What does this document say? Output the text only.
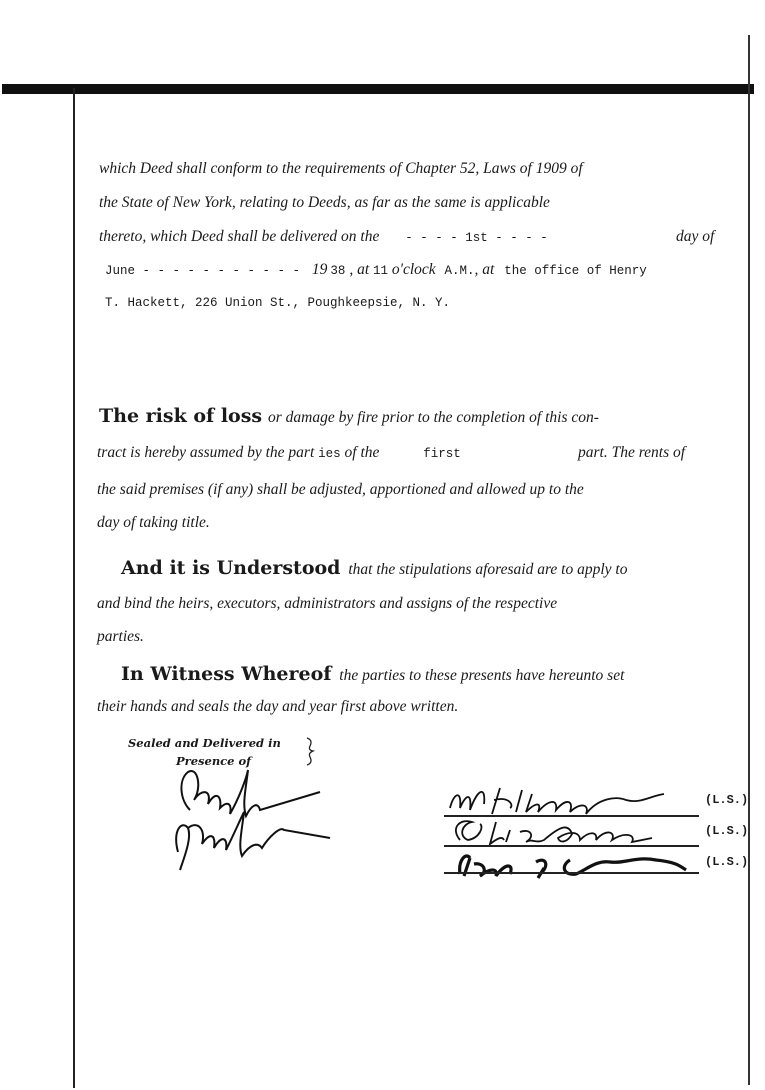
which Deed shall conform to the requirements of Chapter 52, Laws of 1909 of
the State of New York, relating to Deeds, as far as the same is applicable
thereto, which Deed shall be delivered on the - - - - 1st - - - -	day of
June - - - - - - - - - - - 19 38 , at 11 o'clock A.M., at the office of Henry
T. Hackett, 226 Union St., Poughkeepsie, N. Y.
The risk of loss or damage by fire prior to the completion of this con-
tract is hereby assumed by the part ies of the	first	part. The rents of
the said premises (if any) shall be adjusted, apportioned and allowed up to the
day of taking title.
And it is Understood that the stipulations aforesaid are to apply to
and bind the heirs, executors, administrators and assigns of the respective
parties.
In Witness Whereof the parties to these presents have hereunto set
their hands and seals the day and year first above written.
Sealed and Delivered in
Presence of
(L.S.)
(L.S.)
(L.S.)
